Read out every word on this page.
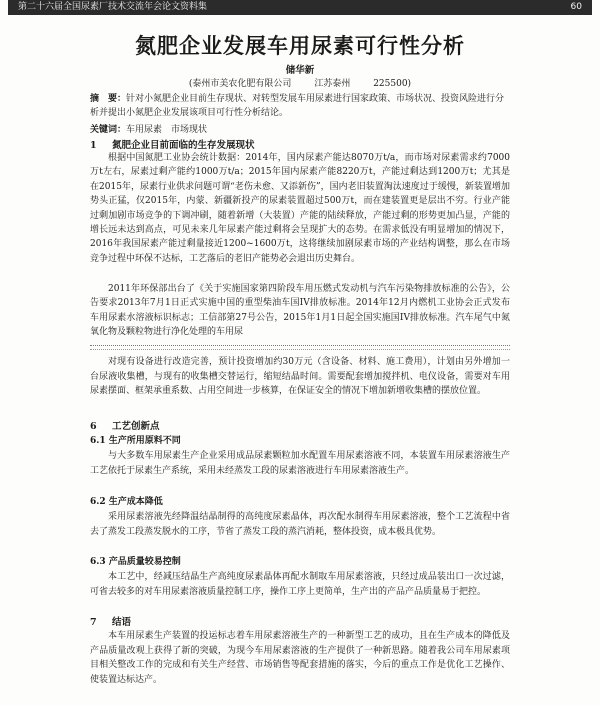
第二十六届全国尿素厂技术交流年会论文资料集	60
氮肥企业发展车用尿素可行性分析
储华新
(泰州市美农化肥有限公司	江苏泰州	225500)
摘　要：针对小氮肥企业目前生存现状、对转型发展车用尿素进行国家政策、市场状况、投资风险进行分析并提出小氮肥企业发展该项目可行性分析结论。
关键词：车用尿素　市场现状
1 氮肥企业目前面临的生存发展现状
根据中国氮肥工业协会统计数据：2014年，国内尿素产能达8070万t/a，而市场对尿素需求约7000万t左右，尿素过剩产能约1000万t/a；2015年国内尿素产能8220万t，产能过剩达到1200万t；尤其是在2015年，尿素行业供求问题可谓“老伤未愈、又添新伤”，国内老旧装置淘汰速度过于缓慢，新装置增加势头正猛，仅2015年，内蒙、新疆新投产的尿素装置超过500万t，而在建装置更是层出不穷。行业产能过剩加剧市场竞争的下调冲刷，随着新增（大装置）产能的陆续释放，产能过剩的形势更加凸显，产能的增长远未达到高点，可见未来几年尿素产能过剩将会呈现扩大的态势。在需求低没有明显增加的情况下，2016年我国尿素产能过剩量接近1200~1600万t，这将继续加剧尿素市场的产业结构调整，那么在市场竞争过程中环保不达标，工艺落后的老旧产能势必会退出历史舞台。
2011年环保部出台了《关于实施国家第四阶段车用压燃式发动机与汽车污染物排放标准的公告》，公告要求2013年7月1日正式实施中国的重型柴油车国IV排放标准。2014年12月内燃机工业协会正式发布车用尿素水溶液标识标志；工信部第27号公告，2015年1月1日起全国实施国IV排放标准。汽车尾气中氮氧化物及颗粒物进行净化处理的车用尿
对现有设备进行改造完善，预计投资增加约30万元（含设备、材料、施工费用），计划由另外增加一台尿液收集槽，与现有的收集槽交替运行，缩短结晶时间。需要配套增加搅拌机、电仪设备，需要对车用尿素摆面、框架承重系数、占用空间进一步核算，在保证安全的情况下增加新增收集槽的摆放位置。
6 工艺创新点
6.1 生产所用原料不同
与大多数车用尿素生产企业采用成品尿素颗粒加水配置车用尿素溶液不同，本装置车用尿素溶液生产工艺依托于尿素生产系统，采用未经蒸发工段的尿素溶液进行车用尿素溶液生产。
6.2 生产成本降低
采用尿素溶液先经降温结晶制得的高纯度尿素晶体，再次配水制得车用尿素溶液，整个工艺流程中省去了蒸发工段蒸发脱水的工序，节省了蒸发工段的蒸汽消耗，整体投资，成本极具优势。
6.3 产品质量较易控制
本工艺中，经减压结晶生产高纯度尿素晶体再配水制取车用尿素溶液，只经过成品装出口一次过滤，可省去较多的对车用尿素溶液质量控制工序，操作工序上更简单，生产出的产品产品质量易于把控。
7 结语
本车用尿素生产装置的投运标志着车用尿素溶液生产的一种新型工艺的成功，且在生产成本的降低及产品质量改观上获得了新的突破，为现今车用尿素溶液的生产提供了一种新思路。随着我公司车用尿素项目相关整改工作的完成和有关生产经营、市场销售等配套措施的落实，今后的重点工作是优化工艺操作、使装置达标达产。
